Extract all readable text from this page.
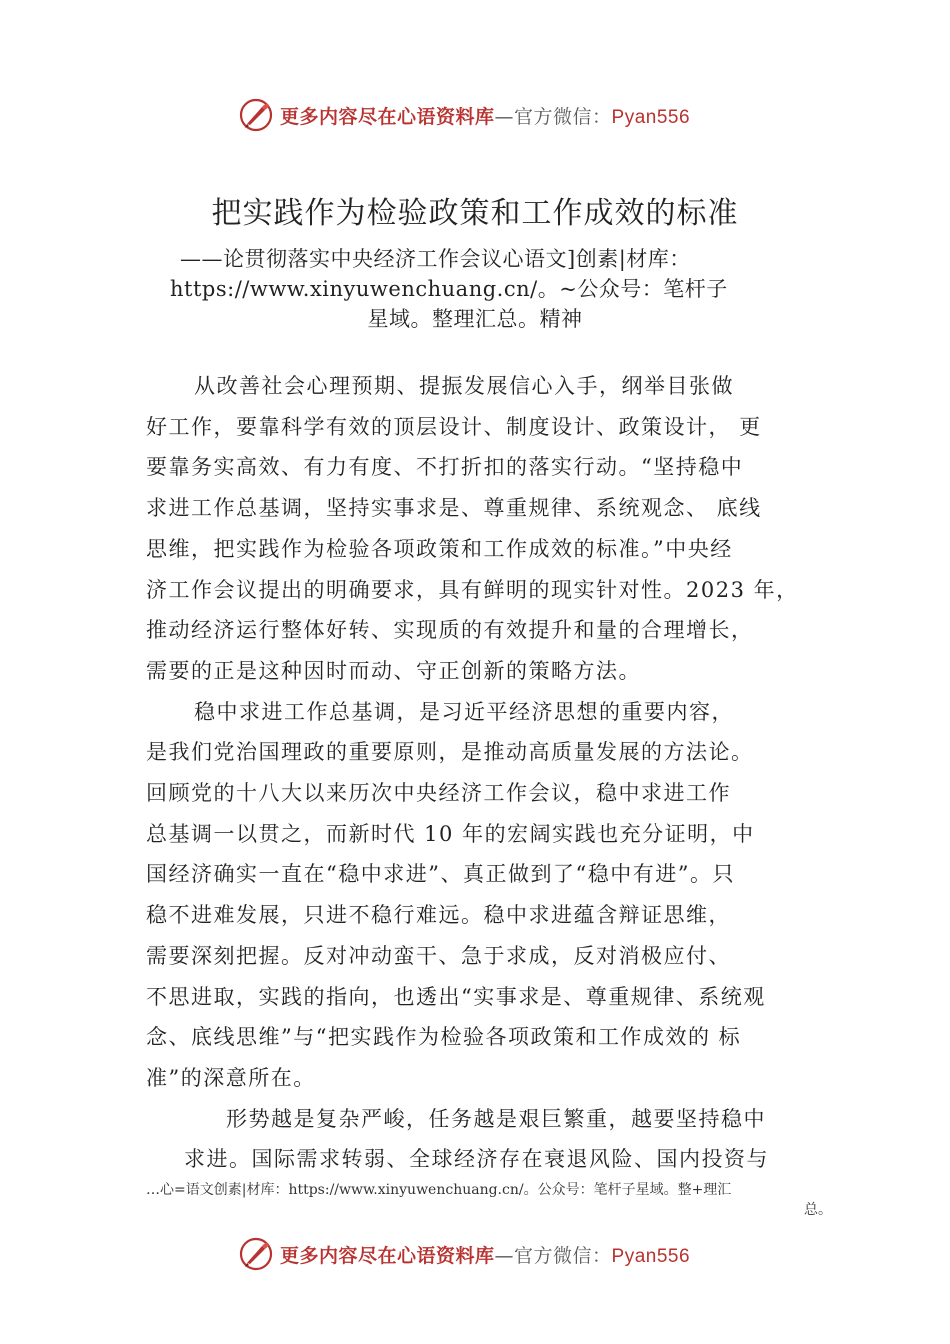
更多内容尽在心语资料库—官方微信：Pyan556
把实践作为检验政策和工作成效的标准
——论贯彻落实中央经济工作会议心语文]创素|材库：
https://www.xinyuwenchuang.cn/。~公众号：笔杆子
星域。整理汇总。精神
从改善社会心理预期、提振发展信心入手，纲举目张做
好工作，要靠科学有效的顶层设计、制度设计、政策设计， 更
要靠务实高效、有力有度、不打折扣的落实行动。“坚持稳中
求进工作总基调，坚持实事求是、尊重规律、系统观念、 底线
思维，把实践作为检验各项政策和工作成效的标准。”中央经
济工作会议提出的明确要求，具有鲜明的现实针对性。2023 年，
推动经济运行整体好转、实现质的有效提升和量的合理增长，
需要的正是这种因时而动、守正创新的策略方法。
稳中求进工作总基调，是习近平经济思想的重要内容，
是我们党治国理政的重要原则，是推动高质量发展的方法论。
回顾党的十八大以来历次中央经济工作会议，稳中求进工作
总基调一以贯之，而新时代 10 年的宏阔实践也充分证明，中
国经济确实一直在“稳中求进”、真正做到了“稳中有进”。只
稳不进难发展，只进不稳行难远。稳中求进蕴含辩证思维，
需要深刻把握。反对冲动蛮干、急于求成，反对消极应付、
不思进取，实践的指向，也透出“实事求是、尊重规律、系统观
念、底线思维”与“把实践作为检验各项政策和工作成效的 标
准”的深意所在。
形势越是复杂严峻，任务越是艰巨繁重，越要坚持稳中
求进。国际需求转弱、全球经济存在衰退风险、国内投资与
…心=语文创素|材库：https://www.xinyuwenchuang.cn/。公众号：笔杆子星域。整+理汇
总。
更多内容尽在心语资料库—官方微信：Pyan556
